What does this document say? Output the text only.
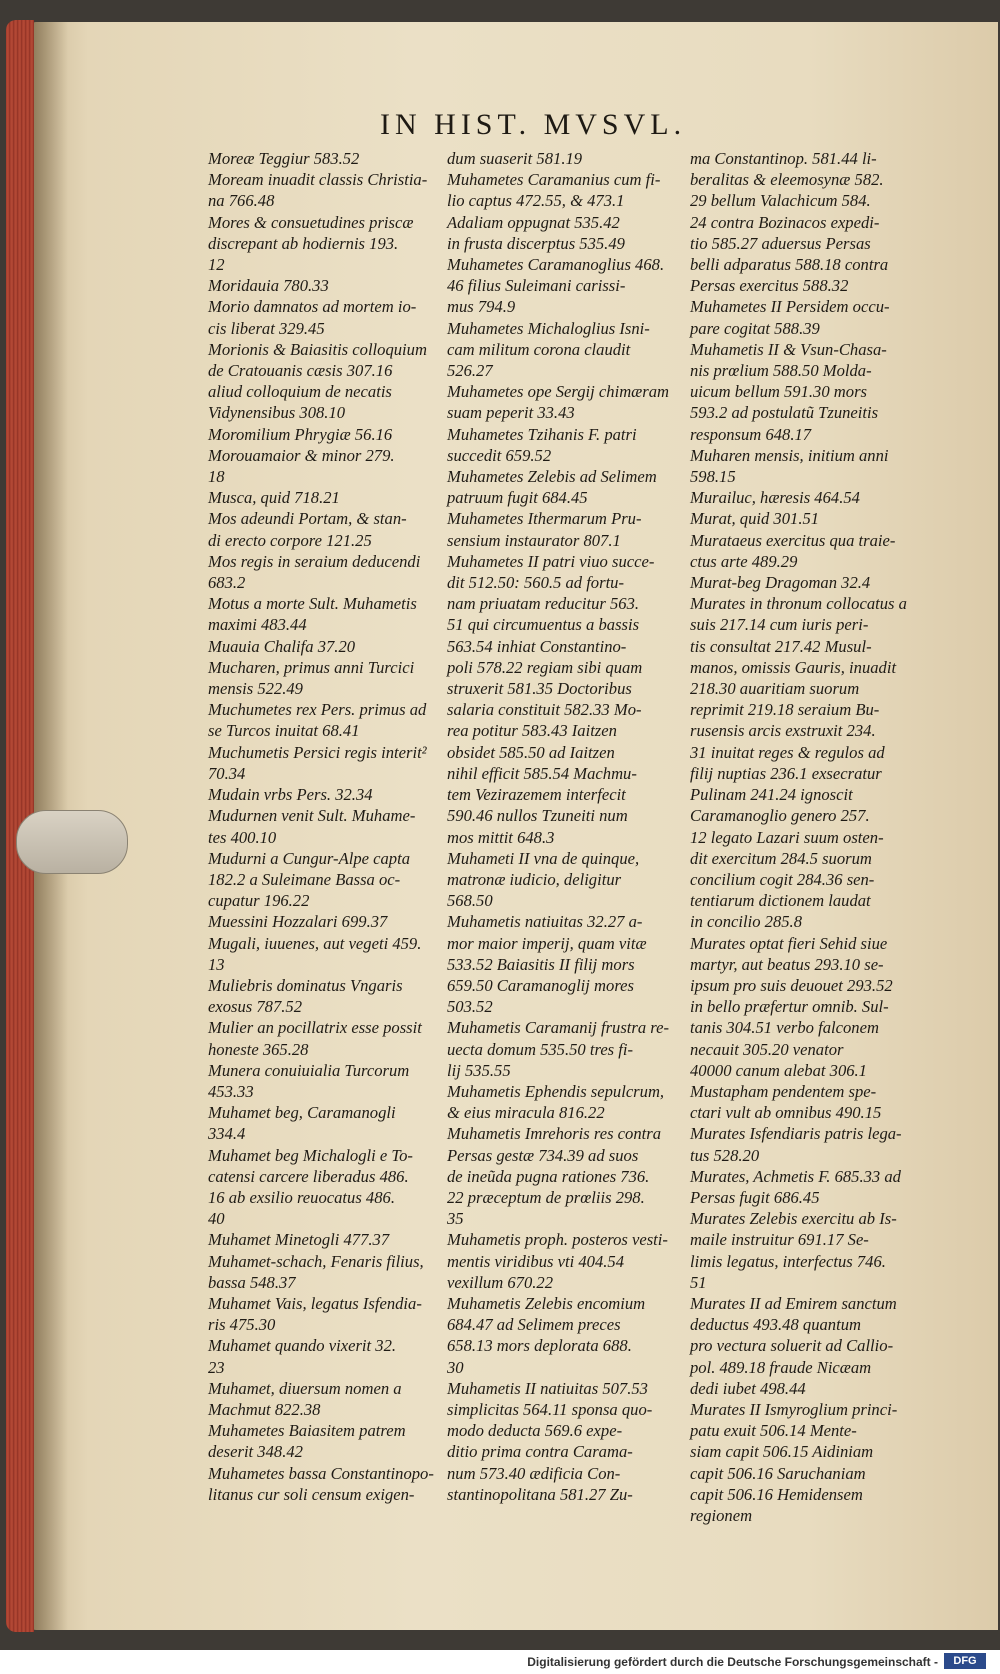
IN HIST. MVSVL.
Moreæ Teggiur 583.52
Moream inuadit classis Christia-
na 766.48
Mores & consuetudines priscæ
discrepant ab hodiernis 193.
12
Moridauia 780.33
Morio damnatos ad mortem io-
cis liberat 329.45
Morionis & Baiasitis colloquium
de Cratouanis cæsis 307.16
aliud colloquium de necatis
Vidynensibus 308.10
Moromilium Phrygiæ 56.16
Morouamaior & minor 279.
18
Musca, quid 718.21
Mos adeundi Portam, & stan-
di erecto corpore 121.25
Mos regis in seraium deducendi
683.2
Motus a morte Sult. Muhametis
maximi 483.44
Muauia Chalifa 37.20
Mucharen, primus anni Turcici
mensis 522.49
Muchumetes rex Pers. primus ad
se Turcos inuitat 68.41
Muchumetis Persici regis interit²
70.34
Mudain vrbs Pers. 32.34
Mudurnen venit Sult. Muhame-
tes 400.10
Mudurni a Cungur-Alpe capta
182.2 a Suleimane Bassa oc-
cupatur 196.22
Muessini Hozzalari 699.37
Mugali, iuuenes, aut vegeti 459.
13
Muliebris dominatus Vngaris
exosus 787.52
Mulier an pocillatrix esse possit
honeste 365.28
Munera conuiuialia Turcorum
453.33
Muhamet beg, Caramanogli
334.4
Muhamet beg Michalogli e To-
catensi carcere liberadus 486.
16 ab exsilio reuocatus 486.
40
Muhamet Minetogli 477.37
Muhamet-schach, Fenaris filius,
bassa 548.37
Muhamet Vais, legatus Isfendia-
ris 475.30
Muhamet quando vixerit 32.
23
Muhamet, diuersum nomen a
Machmut 822.38
Muhametes Baiasitem patrem
deserit 348.42
Muhametes bassa Constantinopo-
litanus cur soli censum exigen-
dum suaserit 581.19
Muhametes Caramanius cum fi-
lio captus 472.55, & 473.1
Adaliam oppugnat 535.42
in frusta discerptus 535.49
Muhametes Caramanoglius 468.
46 filius Suleimani carissi-
mus 794.9
Muhametes Michaloglius Isni-
cam militum corona claudit
526.27
Muhametes ope Sergij chimæram
suam peperit 33.43
Muhametes Tzihanis F. patri
succedit 659.52
Muhametes Zelebis ad Selimem
patruum fugit 684.45
Muhametes Ithermarum Pru-
sensium instaurator 807.1
Muhametes II patri viuo succe-
dit 512.50: 560.5 ad fortu-
nam priuatam reducitur 563.
51 qui circumuentus a bassis
563.54 inhiat Constantino-
poli 578.22 regiam sibi quam
struxerit 581.35 Doctoribus
salaria constituit 582.33 Mo-
rea potitur 583.43 Iaitzen
obsidet 585.50 ad Iaitzen
nihil efficit 585.54 Machmu-
tem Vezirazemem interfecit
590.46 nullos Tzuneiti num
mos mittit 648.3
Muhameti II vna de quinque,
matronæ iudicio, deligitur
568.50
Muhametis natiuitas 32.27 a-
mor maior imperij, quam vitæ
533.52 Baiasitis II filij mors
659.50 Caramanoglij mores
503.52
Muhametis Caramanij frustra re-
uecta domum 535.50 tres fi-
lij 535.55
Muhametis Ephendis sepulcrum,
& eius miracula 816.22
Muhametis Imrehoris res contra
Persas gestæ 734.39 ad suos
de ineũda pugna rationes 736.
22 præceptum de prœliis 298.
35
Muhametis proph. posteros vesti-
mentis viridibus vti 404.54
vexillum 670.22
Muhametis Zelebis encomium
684.47 ad Selimem preces
658.13 mors deplorata 688.
30
Muhametis II natiuitas 507.53
simplicitas 564.11 sponsa quo-
modo deducta 569.6 expe-
ditio prima contra Carama-
num 573.40 ædificia Con-
stantinopolitana 581.27 Zu-
ma Constantinop. 581.44 li-
beralitas & eleemosynæ 582.
29 bellum Valachicum 584.
24 contra Bozinacos expedi-
tio 585.27 aduersus Persas
belli adparatus 588.18 contra
Persas exercitus 588.32
Muhametes II Persidem occu-
pare cogitat 588.39
Muhametis II & Vsun-Chasa-
nis prœlium 588.50 Molda-
uicum bellum 591.30 mors
593.2 ad postulatũ Tzuneitis
responsum 648.17
Muharen mensis, initium anni
598.15
Murailuc, hæresis 464.54
Murat, quid 301.51
Murataeus exercitus qua traie-
ctus arte 489.29
Murat-beg Dragoman 32.4
Murates in thronum collocatus a
suis 217.14 cum iuris peri-
tis consultat 217.42 Musul-
manos, omissis Gauris, inuadit
218.30 auaritiam suorum
reprimit 219.18 seraium Bu-
rusensis arcis exstruxit 234.
31 inuitat reges & regulos ad
filij nuptias 236.1 exsecratur
Pulinam 241.24 ignoscit
Caramanoglio genero 257.
12 legato Lazari suum osten-
dit exercitum 284.5 suorum
concilium cogit 284.36 sen-
tentiarum dictionem laudat
in concilio 285.8
Murates optat fieri Sehid siue
martyr, aut beatus 293.10 se-
ipsum pro suis deuouet 293.52
in bello præfertur omnib. Sul-
tanis 304.51 verbo falconem
necauit 305.20 venator
40000 canum alebat 306.1
Mustapham pendentem spe-
ctari vult ab omnibus 490.15
Murates Isfendiaris patris lega-
tus 528.20
Murates, Achmetis F. 685.33 ad
Persas fugit 686.45
Murates Zelebis exercitu ab Is-
maile instruitur 691.17 Se-
limis legatus, interfectus 746.
51
Murates II ad Emirem sanctum
deductus 493.48 quantum
pro vectura soluerit ad Callio-
pol. 489.18 fraude Nicæam
dedi iubet 498.44
Murates II Ismyroglium princi-
patu exuit 506.14 Mente-
siam capit 506.15 Aidiniam
capit 506.16 Saruchaniam
capit 506.16 Hemidensem
regionem
Digitalisierung gefördert durch die Deutsche Forschungsgemeinschaft -	DFG
